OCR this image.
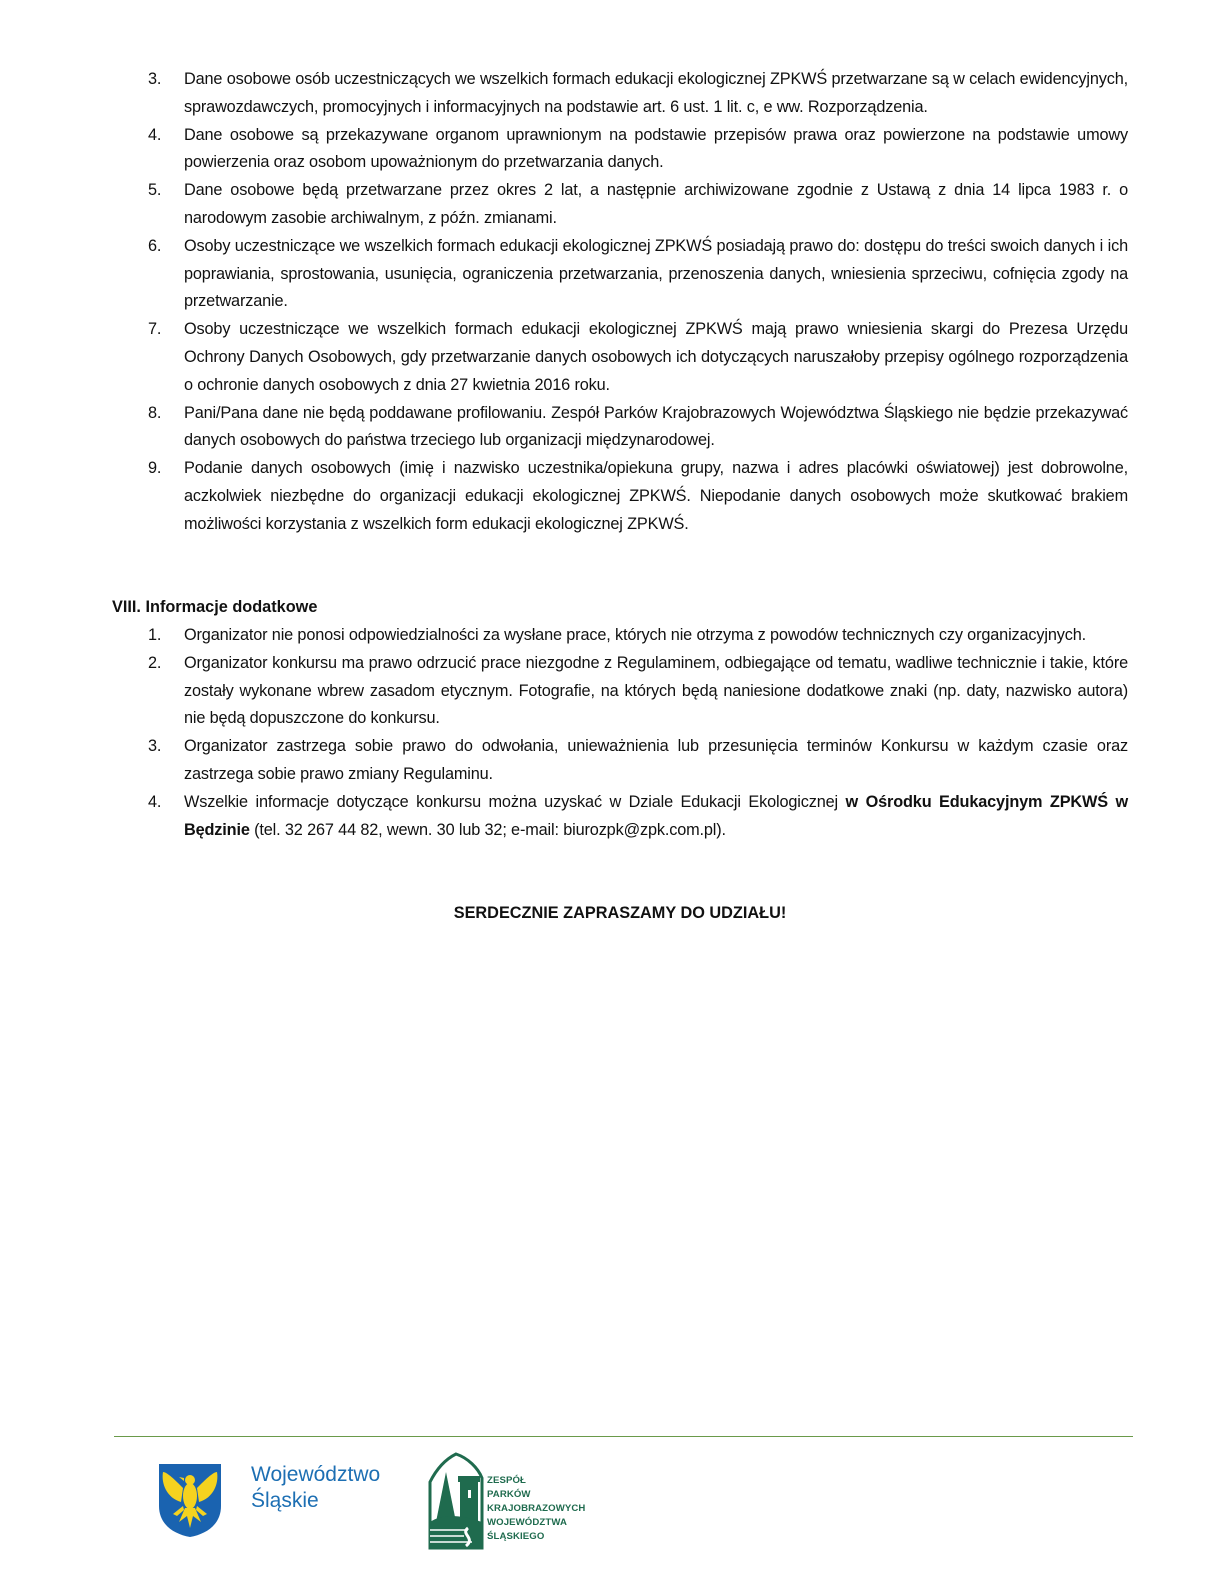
3. Dane osobowe osób uczestniczących we wszelkich formach edukacji ekologicznej ZPKWŚ przetwarzane są w celach ewidencyjnych, sprawozdawczych, promocyjnych i informacyjnych na podstawie art. 6 ust. 1 lit. c, e ww. Rozporządzenia.
4. Dane osobowe są przekazywane organom uprawnionym na podstawie przepisów prawa oraz powierzone na podstawie umowy powierzenia oraz osobom upoważnionym do przetwarzania danych.
5. Dane osobowe będą przetwarzane przez okres 2 lat, a następnie archiwizowane zgodnie z Ustawą z dnia 14 lipca 1983 r. o narodowym zasobie archiwalnym, z późn. zmianami.
6. Osoby uczestniczące we wszelkich formach edukacji ekologicznej ZPKWŚ posiadają prawo do: dostępu do treści swoich danych i ich poprawiania, sprostowania, usunięcia, ograniczenia przetwarzania, przenoszenia danych, wniesienia sprzeciwu, cofnięcia zgody na przetwarzanie.
7. Osoby uczestniczące we wszelkich formach edukacji ekologicznej ZPKWŚ mają prawo wniesienia skargi do Prezesa Urzędu Ochrony Danych Osobowych, gdy przetwarzanie danych osobowych ich dotyczących naruszałoby przepisy ogólnego rozporządzenia o ochronie danych osobowych z dnia 27 kwietnia 2016 roku.
8. Pani/Pana dane nie będą poddawane profilowaniu. Zespół Parków Krajobrazowych Województwa Śląskiego nie będzie przekazywać danych osobowych do państwa trzeciego lub organizacji międzynarodowej.
9. Podanie danych osobowych (imię i nazwisko uczestnika/opiekuna grupy, nazwa i adres placówki oświatowej) jest dobrowolne, aczkolwiek niezbędne do organizacji edukacji ekologicznej ZPKWŚ. Niepodanie danych osobowych może skutkować brakiem możliwości korzystania z wszelkich form edukacji ekologicznej ZPKWŚ.
VIII. Informacje dodatkowe
1. Organizator nie ponosi odpowiedzialności za wysłane prace, których nie otrzyma z powodów technicznych czy organizacyjnych.
2. Organizator konkursu ma prawo odrzucić prace niezgodne z Regulaminem, odbiegające od tematu, wadliwe technicznie i takie, które zostały wykonane wbrew zasadom etycznym. Fotografie, na których będą naniesione dodatkowe znaki (np. daty, nazwisko autora) nie będą dopuszczone do konkursu.
3. Organizator zastrzega sobie prawo do odwołania, unieważnienia lub przesunięcia terminów Konkursu w każdym czasie oraz zastrzega sobie prawo zmiany Regulaminu.
4. Wszelkie informacje dotyczące konkursu można uzyskać w Dziale Edukacji Ekologicznej w Ośrodku Edukacyjnym ZPKWŚ w Będzinie (tel. 32 267 44 82, wewn. 30 lub 32; e-mail: biurozpk@zpk.com.pl).
SERDECZNIE ZAPRASZAMY DO UDZIAŁU!
Województwo
Śląskie
ZESPÓŁ
PARKÓW
KRAJOBRAZOWYCH
WOJEWÓDZTWA
ŚLĄSKIEGO
